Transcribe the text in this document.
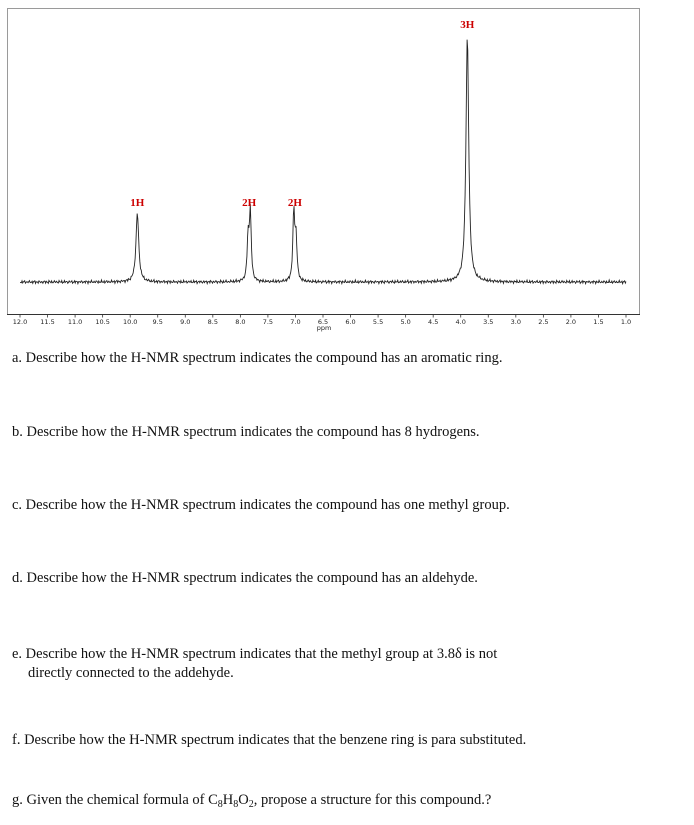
12.0 11.5 11.0 10.5 10.0 9.5	9.0	8.5	8.0	7.5	7.0	6.5	6.0	5.5	5.0	4.5	4.0	3.5	3.0	2.5	2.0	1.5	1.0
1H	2H	2H
3H
ppm

a. Describe how the H-NMR spectrum indicates the compound has an aromatic ring.

b. Describe how the H-NMR spectrum indicates the compound has 8 hydrogens.

c. Describe how the H-NMR spectrum indicates the compound has one methyl group.

d. Describe how the H-NMR spectrum indicates the compound has an aldehyde.

e. Describe how the H-NMR spectrum indicates that the methyl group at 3.8δ is not
directly connected to the addehyde.

f. Describe how the H-NMR spectrum indicates that the benzene ring is para substituted.

g. Given the chemical formula of $C_8H_8O_2$, propose a structure for this compound.?
